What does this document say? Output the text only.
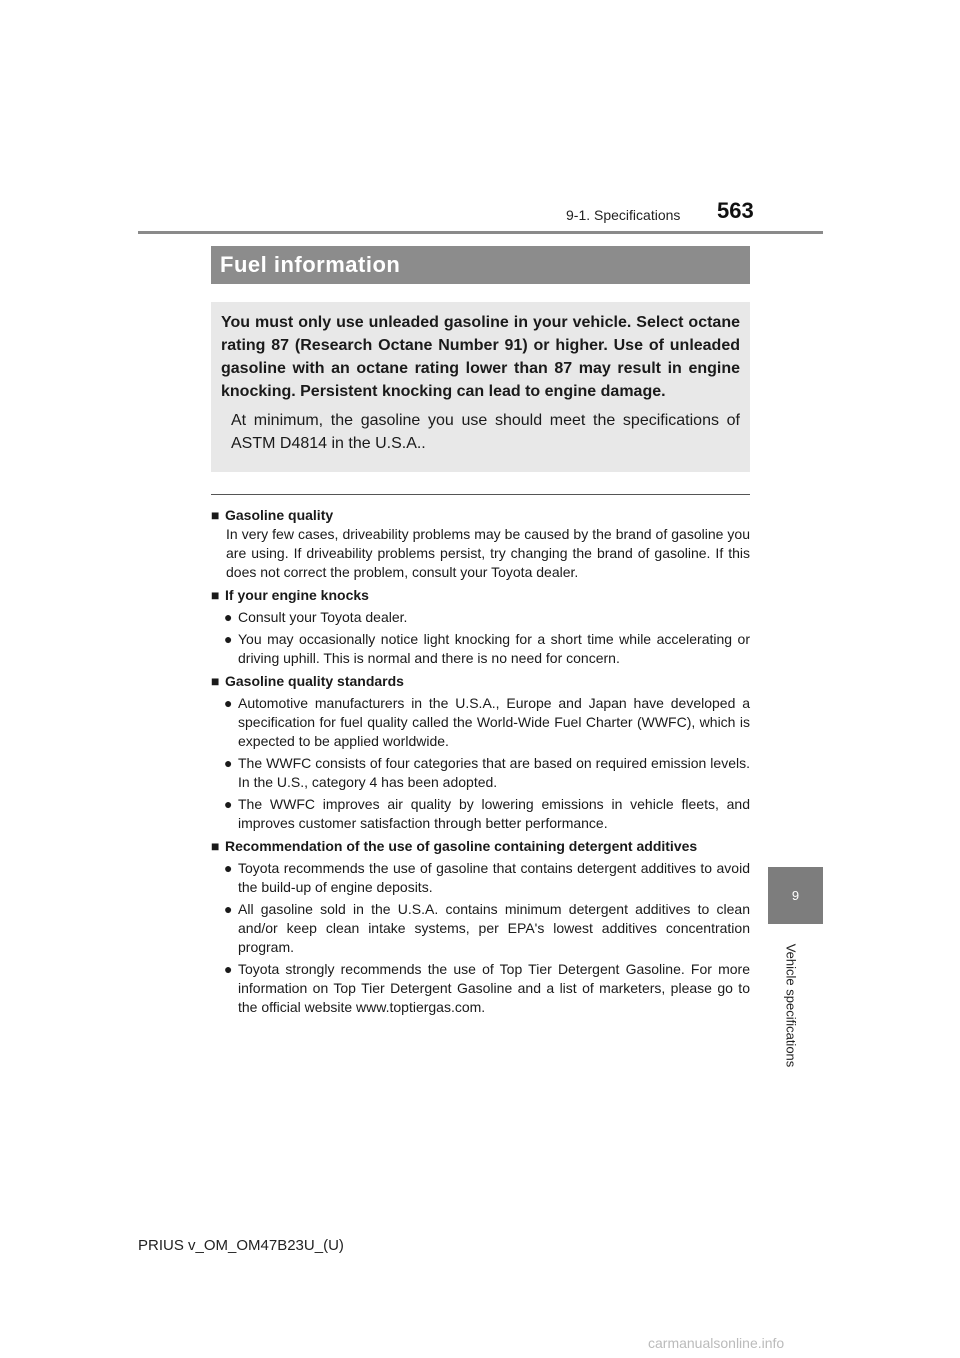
9-1. Specifications 563
9
Vehicle specifications
Fuel information

You must only use unleaded gasoline in your vehicle. Select octane rating 87 (Research Octane Number 91) or higher. Use of unleaded gasoline with an octane rating lower than 87 may result in engine knocking. Persistent knocking can lead to engine damage.

At minimum, the gasoline you use should meet the specifications of ASTM D4814 in the U.S.A..

■ Gasoline quality
In very few cases, driveability problems may be caused by the brand of gasoline you are using. If driveability problems persist, try changing the brand of gasoline. If this does not correct the problem, consult your Toyota dealer.
■ If your engine knocks
● Consult your Toyota dealer.
● You may occasionally notice light knocking for a short time while accelerating or driving uphill. This is normal and there is no need for concern.
■ Gasoline quality standards
● Automotive manufacturers in the U.S.A., Europe and Japan have developed a specification for fuel quality called the World-Wide Fuel Charter (WWFC), which is expected to be applied worldwide.
● The WWFC consists of four categories that are based on required emission levels. In the U.S., category 4 has been adopted.
● The WWFC improves air quality by lowering emissions in vehicle fleets, and improves customer satisfaction through better performance.
■ Recommendation of the use of gasoline containing detergent additives
● Toyota recommends the use of gasoline that contains detergent additives to avoid the build-up of engine deposits.
● All gasoline sold in the U.S.A. contains minimum detergent additives to clean and/or keep clean intake systems, per EPA's lowest additives concentration program.
● Toyota strongly recommends the use of Top Tier Detergent Gasoline. For more information on Top Tier Detergent Gasoline and a list of marketers, please go to the official website www.toptiergas.com.
PRIUS v_OM_OM47B23U_(U)
carmanualsonline.info
